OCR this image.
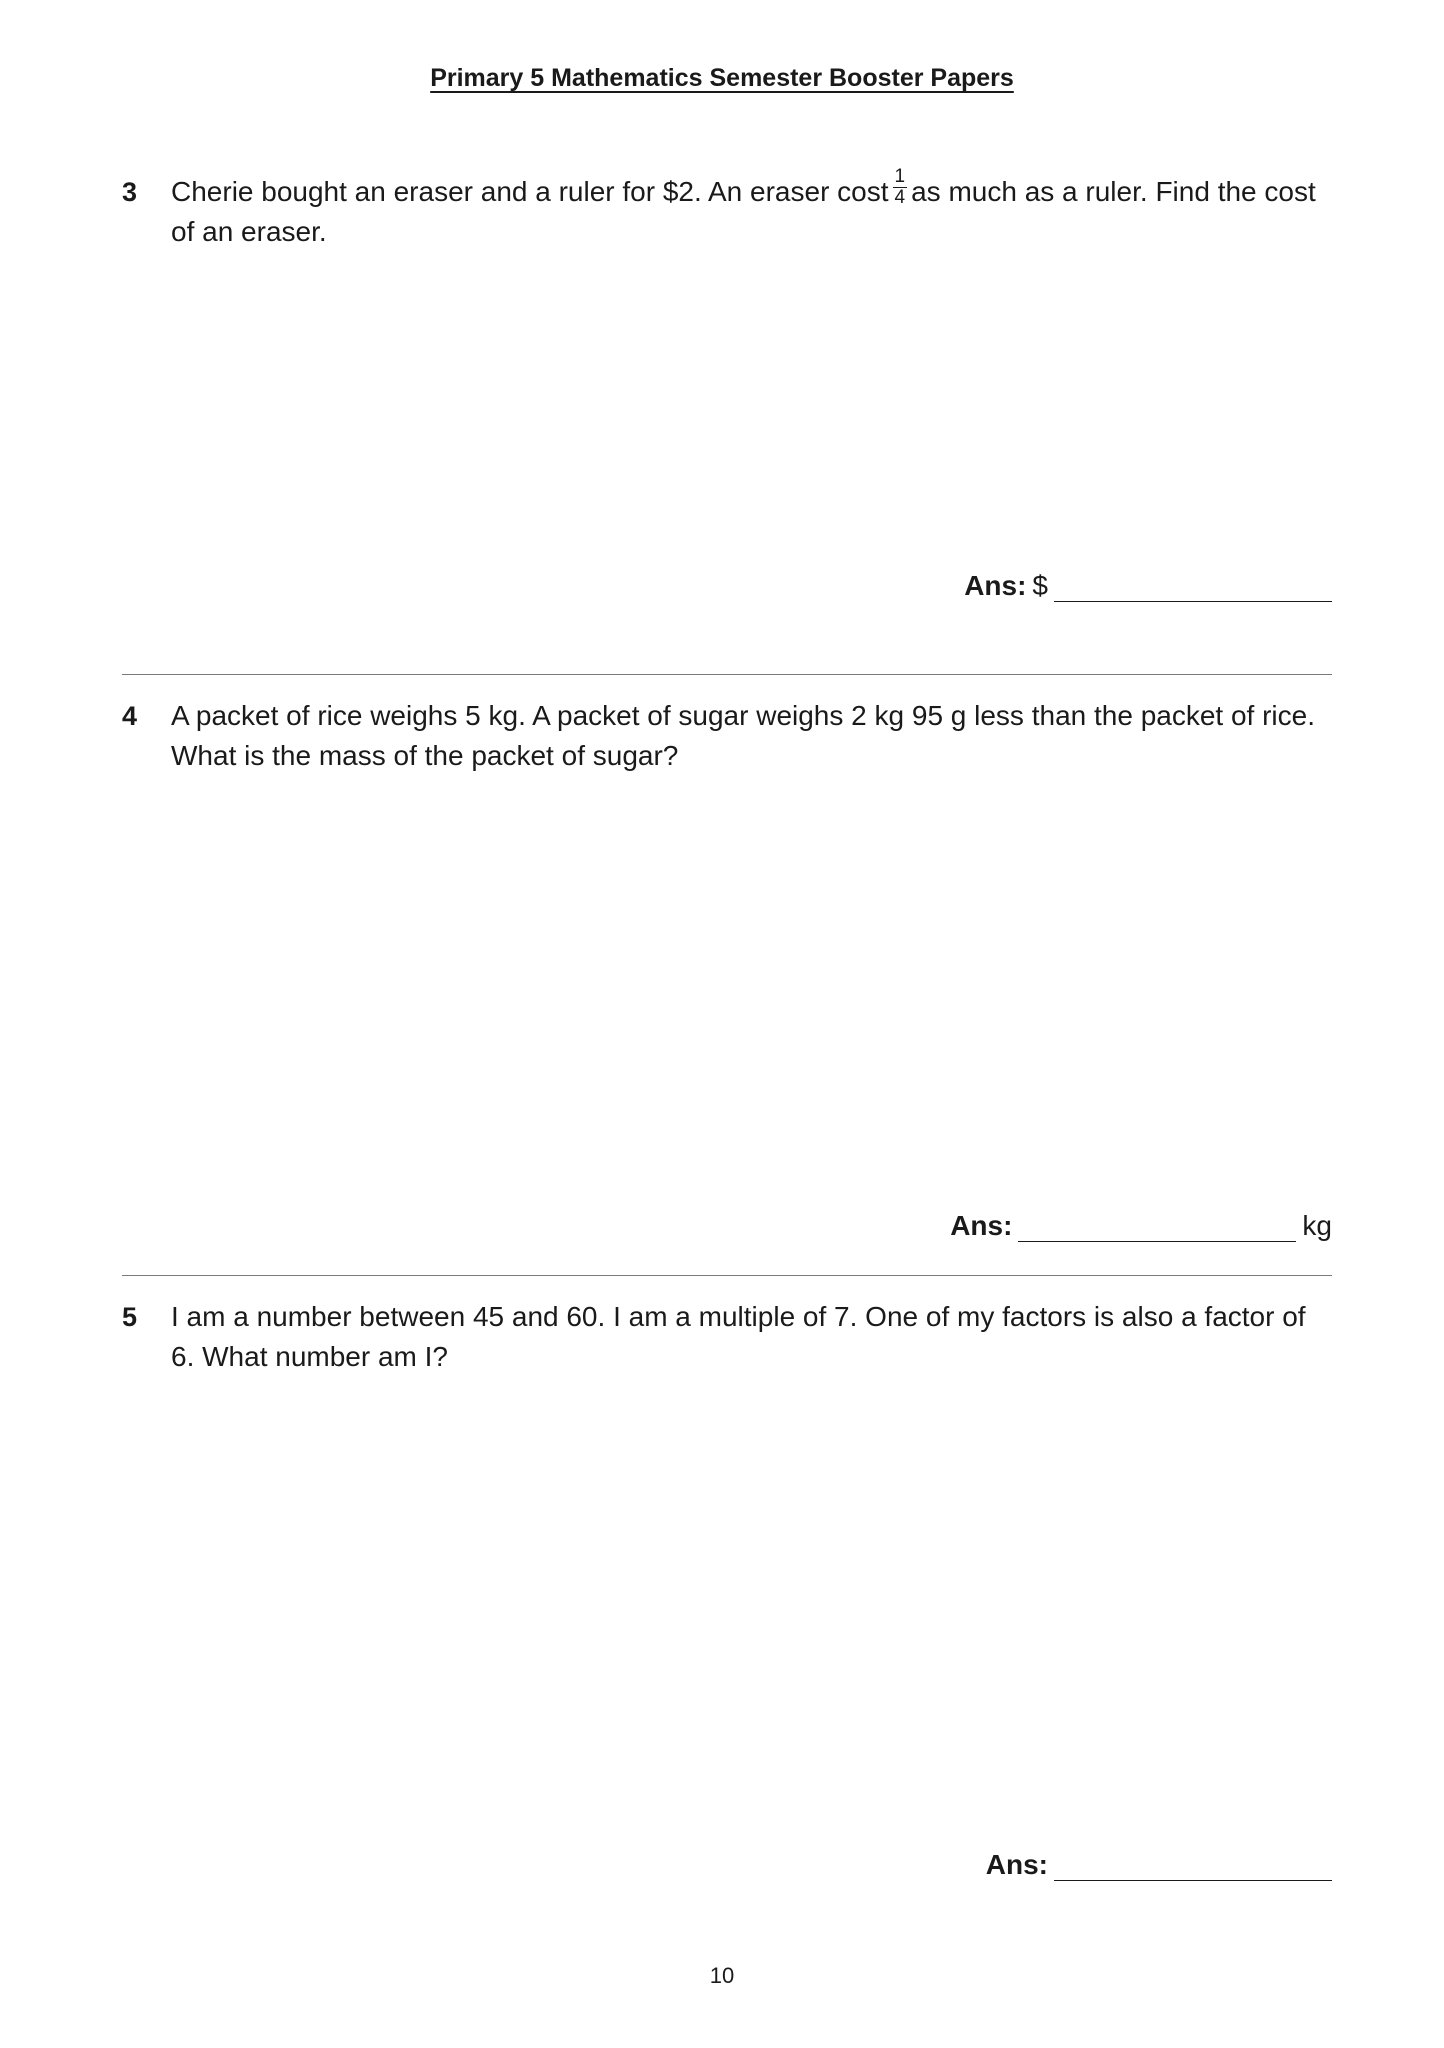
Primary 5 Mathematics Semester Booster Papers
3 Cherie bought an eraser and a ruler for $2. An eraser cost $\frac{1}{4}$ as much as a ruler. Find the cost of an eraser.
Ans: $
4 A packet of rice weighs 5 kg. A packet of sugar weighs 2 kg 95 g less than the packet of rice. What is the mass of the packet of sugar?
Ans:	kg
5 I am a number between 45 and 60. I am a multiple of 7. One of my factors is also a factor of 6. What number am I?
Ans:
10
